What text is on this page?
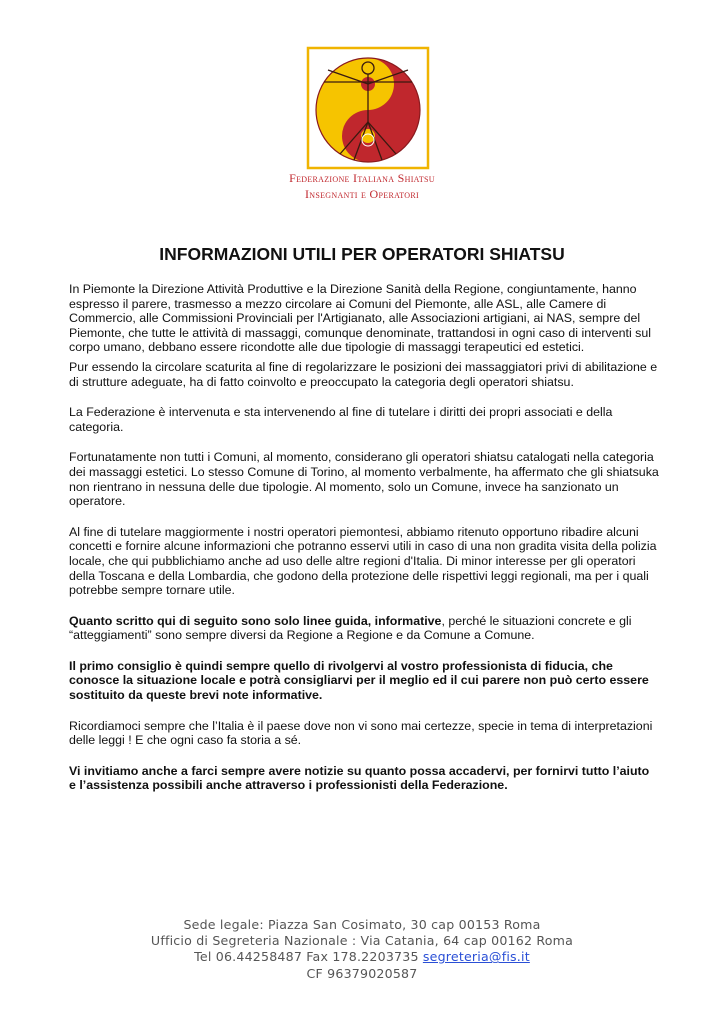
Federazione Italiana Shiatsu
Insegnanti e Operatori
INFORMAZIONI UTILI PER OPERATORI SHIATSU

In Piemonte la Direzione Attività Produttive e la Direzione Sanità della Regione, congiuntamente, hanno espresso il parere, trasmesso a mezzo circolare ai Comuni del Piemonte, alle ASL, alle Camere di Commercio, alle Commissioni Provinciali per l'Artigianato, alle Associazioni artigiani, ai NAS, sempre del Piemonte, che tutte le attività di massaggi, comunque denominate, trattandosi in ogni caso di interventi sul corpo umano, debbano essere ricondotte alle due tipologie di massaggi terapeutici ed estetici.

Pur essendo la circolare scaturita al fine di regolarizzare le posizioni dei massaggiatori privi di abilitazione e di strutture adeguate, ha di fatto coinvolto e preoccupato la categoria degli operatori shiatsu.

La Federazione è intervenuta e sta intervenendo al fine di tutelare i diritti dei propri associati e della categoria.

Fortunatamente non tutti i Comuni, al momento, considerano gli operatori shiatsu catalogati nella categoria dei massaggi estetici. Lo stesso Comune di Torino, al momento verbalmente, ha affermato che gli shiatsuka non rientrano in nessuna delle due tipologie. Al momento, solo un Comune, invece ha sanzionato un operatore.

Al fine di tutelare maggiormente i nostri operatori piemontesi, abbiamo ritenuto opportuno ribadire alcuni concetti e fornire alcune informazioni che potranno esservi utili in caso di una non gradita visita della polizia locale, che qui pubblichiamo anche ad uso delle altre regioni d'Italia. Di minor interesse per gli operatori della Toscana e della Lombardia, che godono della protezione delle rispettivi leggi regionali, ma per i quali potrebbe sempre tornare utile.

Quanto scritto qui di seguito sono solo linee guida, informative, perché le situazioni concrete e gli “atteggiamenti” sono sempre diversi da Regione a Regione e da Comune a Comune.

Il primo consiglio è quindi sempre quello di rivolgervi al vostro professionista di fiducia, che conosce la situazione locale e potrà consigliarvi per il meglio ed il cui parere non può certo essere sostituito da queste brevi note informative.

Ricordiamoci sempre che l’Italia è il paese dove non vi sono mai certezze, specie in tema di interpretazioni delle leggi ! E che ogni caso fa storia a sé.

Vi invitiamo anche a farci sempre avere notizie su quanto possa accadervi, per fornirvi tutto l’aiuto e l’assistenza possibili anche attraverso i professionisti della Federazione.

Sede legale: Piazza San Cosimato, 30 cap 00153 Roma
Ufficio di Segreteria Nazionale : Via Catania, 64 cap 00162 Roma
Tel 06.44258487 Fax 178.2203735 segreteria@fis.it
CF 96379020587
